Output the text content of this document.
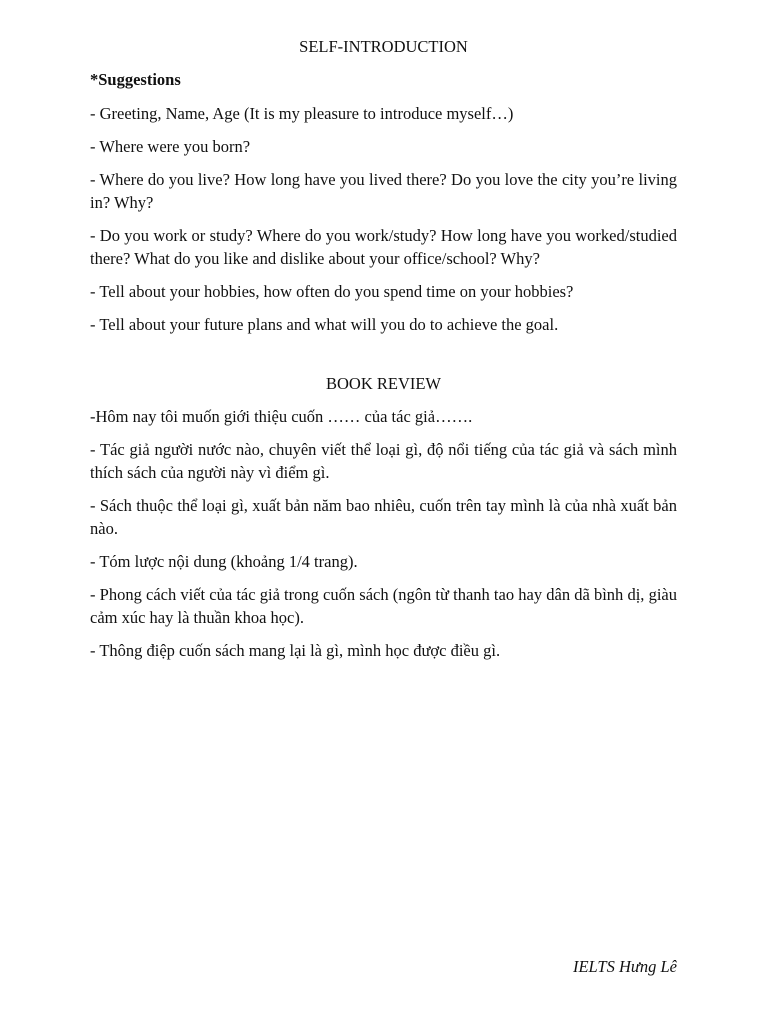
SELF-INTRODUCTION

*Suggestions

- Greeting, Name, Age (It is my pleasure to introduce myself…)

- Where were you born?

- Where do you live? How long have you lived there? Do you love the city you’re living in? Why?

- Do you work or study? Where do you work/study? How long have you worked/studied there? What do you like and dislike about your office/school? Why?

- Tell about your hobbies, how often do you spend time on your hobbies?

- Tell about your future plans and what will you do to achieve the goal.

BOOK REVIEW

-Hôm nay tôi muốn giới thiệu cuốn …… của tác giả…….

- Tác giả người nước nào, chuyên viết thể loại gì, độ nổi tiếng của tác giả và sách mình thích sách của người này vì điểm gì.

- Sách thuộc thể loại gì, xuất bản năm bao nhiêu, cuốn trên tay mình là của nhà xuất bản nào.

- Tóm lược nội dung (khoảng 1/4 trang).

- Phong cách viết của tác giả trong cuốn sách (ngôn từ thanh tao hay dân dã bình dị, giàu cảm xúc hay là thuần khoa học).

- Thông điệp cuốn sách mang lại là gì, mình học được điều gì.

IELTS Hưng Lê
